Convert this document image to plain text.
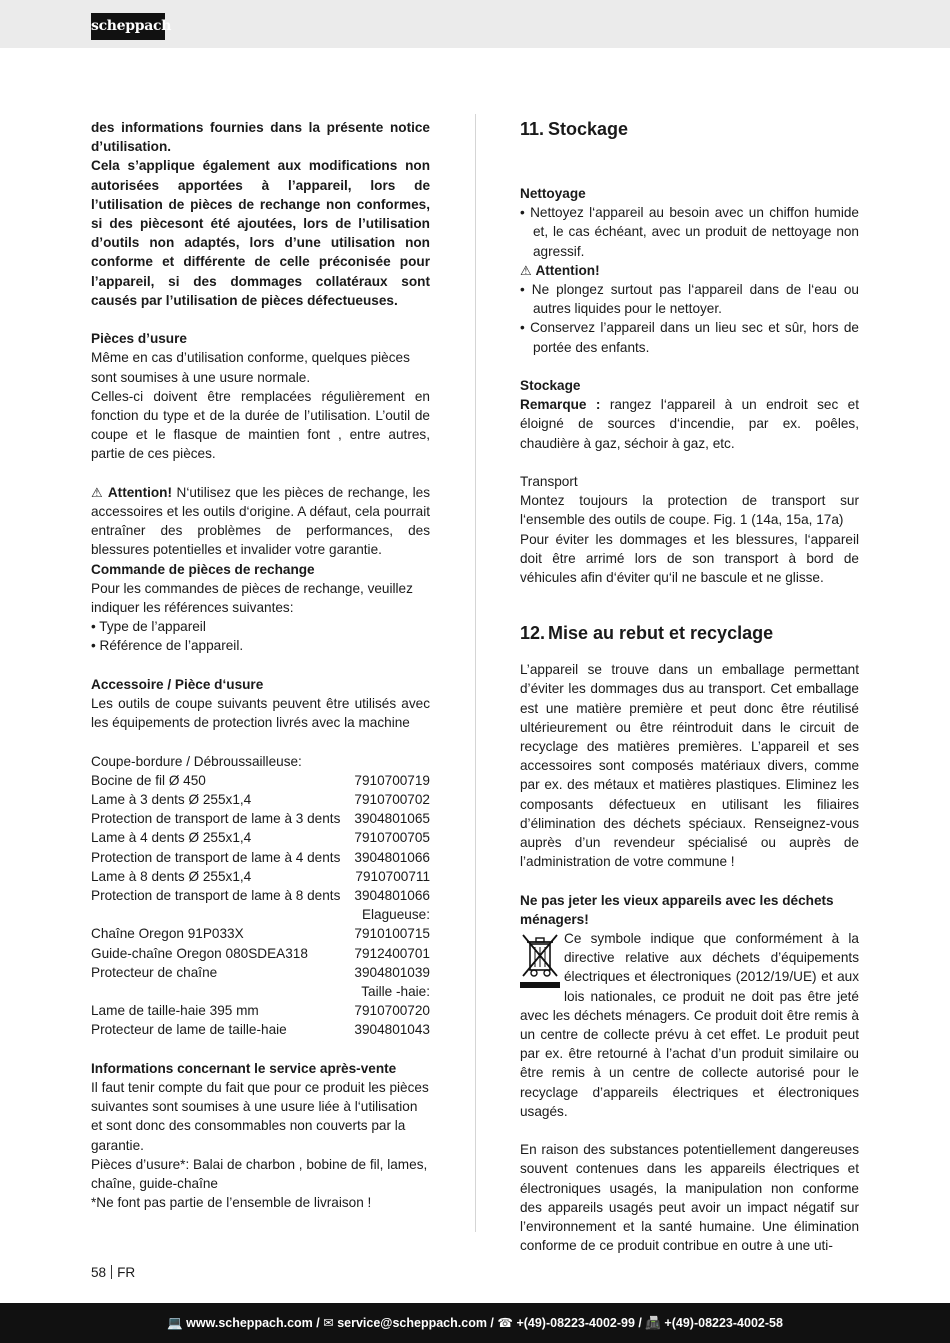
scheppach

des informations fournies dans la présente notice d’utilisation.

Cela s’applique également aux modifications non autorisées apportées à l’appareil, lors de l’utilisation de pièces de rechange non conformes, si des piècesont été ajoutées, lors de l’utilisation d’outils non adaptés, lors d’une utilisation non conforme et différente de celle préconisée pour l’appareil, si des dommages collatéraux sont causés par l’utilisation de pièces défectueuses.

Pièces d’usure

Même en cas d’utilisation conforme, quelques pièces sont soumises à une usure normale.

Celles-ci doivent être remplacées régulièrement en fonction du type et de la durée de l’utilisation. L’outil de coupe et le flasque de maintien font , entre autres, partie de ces pièces.

⚠ Attention! N‘utilisez que les pièces de rechange, les accessoires et les outils d‘origine. A défaut, cela pourrait entraîner des problèmes de performances, des blessures potentielles et invalider votre garantie.

Commande de pièces de rechange

Pour les commandes de pièces de rechange, veuillez indiquer les références suivantes:

• Type de l’appareil

• Référence de l’appareil.

Accessoire / Pièce d‘usure

Les outils de coupe suivants peuvent être utilisés avec les équipements de protection livrés avec la machine

Coupe-bordure / Débroussailleuse:

Bocine de fil Ø 450	7910700719
Lame à 3 dents Ø 255x1,4	7910700702
Protection de transport de lame à 3 dents 3904801065
Lame à 4 dents Ø 255x1,4	7910700705
Protection de transport de lame à 4 dents 3904801066
Lame à 8 dents Ø 255x1,4	7910700711
Protection de transport de lame à 8 dents 3904801066

Elagueuse:

Chaîne Oregon 91P033X	7910100715
Guide-chaîne Oregon 080SDEA318	7912400701
Protecteur de chaîne	3904801039

Taille -haie:

Lame de taille-haie 395 mm	7910700720
Protecteur de lame de taille-haie	3904801043

Informations concernant le service après-vente

Il faut tenir compte du fait que pour ce produit les pièces suivantes sont soumises à une usure liée à l‘utilisation et sont donc des consommables non couverts par la garantie.

Pièces d’usure*: Balai de charbon , bobine de fil, lames, chaîne, guide-chaîne

*Ne font pas partie de l’ensemble de livraison !

11. Stockage

Nettoyage

• Nettoyez l‘appareil au besoin avec un chiffon humide et, le cas échéant, avec un produit de nettoyage non agressif.

⚠ Attention!

• Ne plongez surtout pas l‘appareil dans de l‘eau ou autres liquides pour le nettoyer.

• Conservez l’appareil dans un lieu sec et sûr, hors de portée des enfants.

Stockage

Remarque : rangez l‘appareil à un endroit sec et éloigné de sources d‘incendie, par ex. poêles, chaudière à gaz, séchoir à gaz, etc.

Transport

Montez toujours la protection de transport sur l‘ensemble des outils de coupe. Fig. 1 (14a, 15a, 17a)

Pour éviter les dommages et les blessures, l‘appareil doit être arrimé lors de son transport à bord de véhicules afin d‘éviter qu‘il ne bascule et ne glisse.

12. Mise au rebut et recyclage

L’appareil se trouve dans un emballage permettant d’éviter les dommages dus au transport. Cet emballage est une matière première et peut donc être réutilisé ultérieurement ou être réintroduit dans le circuit de recyclage des matières premières. L’appareil et ses accessoires sont composés matériaux divers, comme par ex. des métaux et matières plastiques. Eliminez les composants défectueux en utilisant les filiaires d’élimination des déchets spéciaux. Renseignez-vous auprès d’un revendeur spécialisé ou auprès de l’administration de votre commune !

Ne pas jeter les vieux appareils avec les déchets ménagers!

Ce symbole indique que conformément à la directive relative aux déchets d’équipements électriques et électroniques (2012/19/UE) et aux lois nationales, ce produit ne doit pas être jeté avec les déchets ménagers. Ce produit doit être remis à un centre de collecte prévu à cet effet. Le produit peut par ex. être retourné à l’achat d’un produit similaire ou être remis à un centre de collecte autorisé pour le recyclage d’appareils électriques et électroniques usagés.

En raison des substances potentiellement dangereuses souvent contenues dans les appareils électriques et électroniques usagés, la manipulation non conforme des appareils usagés peut avoir un impact négatif sur l’environnement et la santé humaine. Une élimination conforme de ce produit contribue en outre à une uti-

58 FR
💻 www.scheppach.com / ✉ service@scheppach.com / ☎ +(49)-08223-4002-99 / 📠 +(49)-08223-4002-58
